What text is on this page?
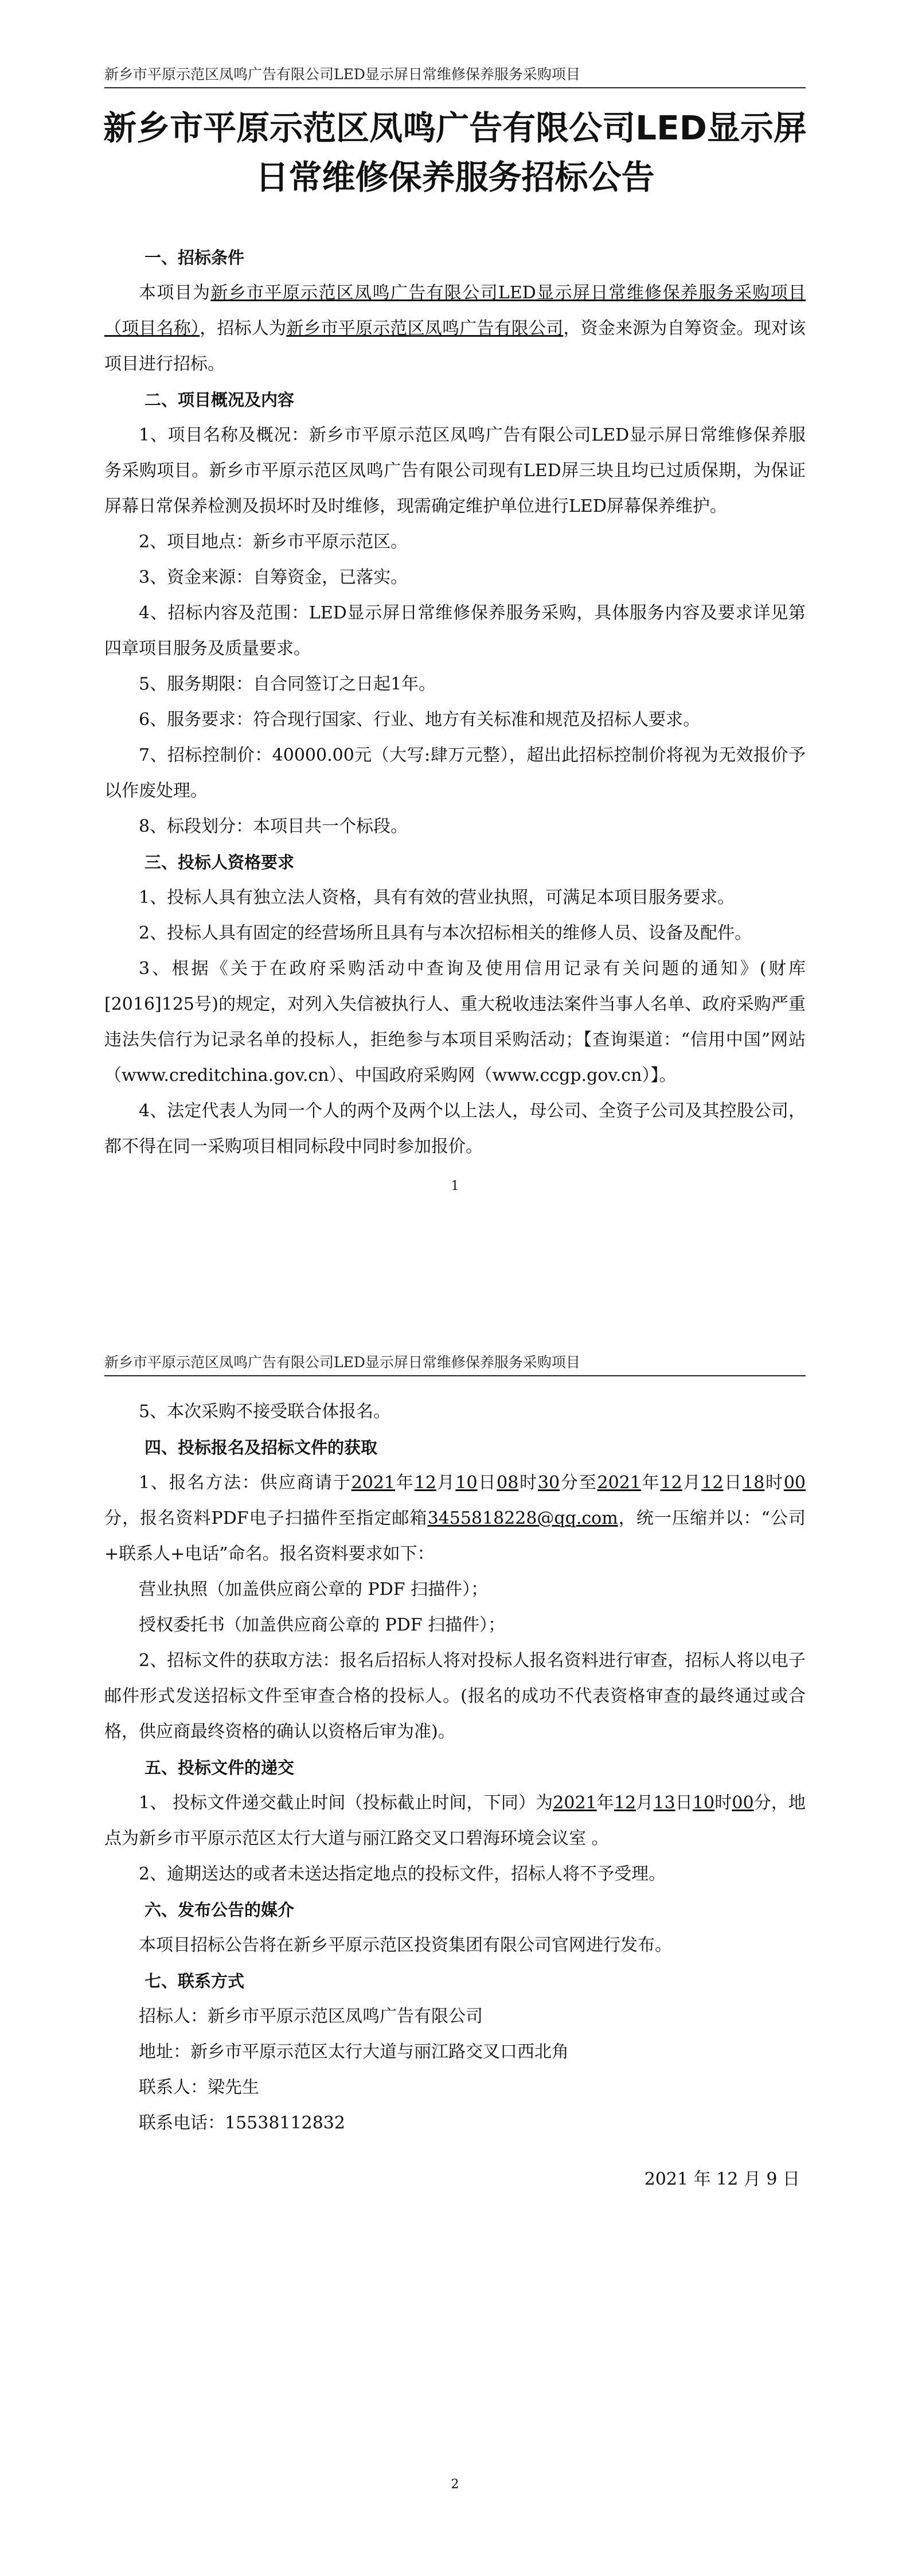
新乡市平原示范区凤鸣广告有限公司LED显示屏日常维修保养服务采购项目
新乡市平原示范区凤鸣广告有限公司LED显示屏日常维修保养服务招标公告
一、招标条件

本项目为新乡市平原示范区凤鸣广告有限公司LED显示屏日常维修保养服务采购项目（项目名称），招标人为新乡市平原示范区凤鸣广告有限公司，资金来源为自筹资金。现对该项目进行招标。

二、项目概况及内容

1、项目名称及概况：新乡市平原示范区凤鸣广告有限公司LED显示屏日常维修保养服务采购项目。新乡市平原示范区凤鸣广告有限公司现有LED屏三块且均已过质保期，为保证屏幕日常保养检测及损坏时及时维修，现需确定维护单位进行LED屏幕保养维护。

2、项目地点：新乡市平原示范区。

3、资金来源：自筹资金，已落实。

4、招标内容及范围：LED显示屏日常维修保养服务采购，具体服务内容及要求详见第四章项目服务及质量要求。

5、服务期限：自合同签订之日起1年。

6、服务要求：符合现行国家、行业、地方有关标准和规范及招标人要求。

7、招标控制价：40000.00元（大写:肆万元整），超出此招标控制价将视为无效报价予以作废处理。

8、标段划分：本项目共一个标段。

三、投标人资格要求

1、投标人具有独立法人资格，具有有效的营业执照，可满足本项目服务要求。

2、投标人具有固定的经营场所且具有与本次招标相关的维修人员、设备及配件。

3、根据《关于在政府采购活动中查询及使用信用记录有关问题的通知》(财库[2016]125号)的规定，对列入失信被执行人、重大税收违法案件当事人名单、政府采购严重违法失信行为记录名单的投标人，拒绝参与本项目采购活动；【查询渠道：“信用中国”网站（www.creditchina.gov.cn）、中国政府采购网（www.ccgp.gov.cn）】。

4、法定代表人为同一个人的两个及两个以上法人，母公司、全资子公司及其控股公司，都不得在同一采购项目相同标段中同时参加报价。

1
新乡市平原示范区凤鸣广告有限公司LED显示屏日常维修保养服务采购项目

5、本次采购不接受联合体报名。

四、投标报名及招标文件的获取

1、报名方法：供应商请于2021年12月10日08时30分至2021年12月12日18时00分，报名资料PDF电子扫描件至指定邮箱3455818228@qq.com，统一压缩并以：“公司+联系人+电话”命名。报名资料要求如下：

营业执照（加盖供应商公章的 PDF 扫描件）；

授权委托书（加盖供应商公章的 PDF 扫描件）；

2、招标文件的获取方法：报名后招标人将对投标人报名资料进行审查，招标人将以电子邮件形式发送招标文件至审查合格的投标人。(报名的成功不代表资格审查的最终通过或合格，供应商最终资格的确认以资格后审为准)。

五、投标文件的递交

1、 投标文件递交截止时间（投标截止时间，下同）为2021年12月13日10时00分，地点为新乡市平原示范区太行大道与丽江路交叉口碧海环境会议室 。

2、逾期送达的或者未送达指定地点的投标文件，招标人将不予受理。

六、发布公告的媒介

本项目招标公告将在新乡平原示范区投资集团有限公司官网进行发布。

七、联系方式

招标人：新乡市平原示范区凤鸣广告有限公司

地址：新乡市平原示范区太行大道与丽江路交叉口西北角

联系人：梁先生

联系电话：15538112832

2021 年 12 月 9 日
2
